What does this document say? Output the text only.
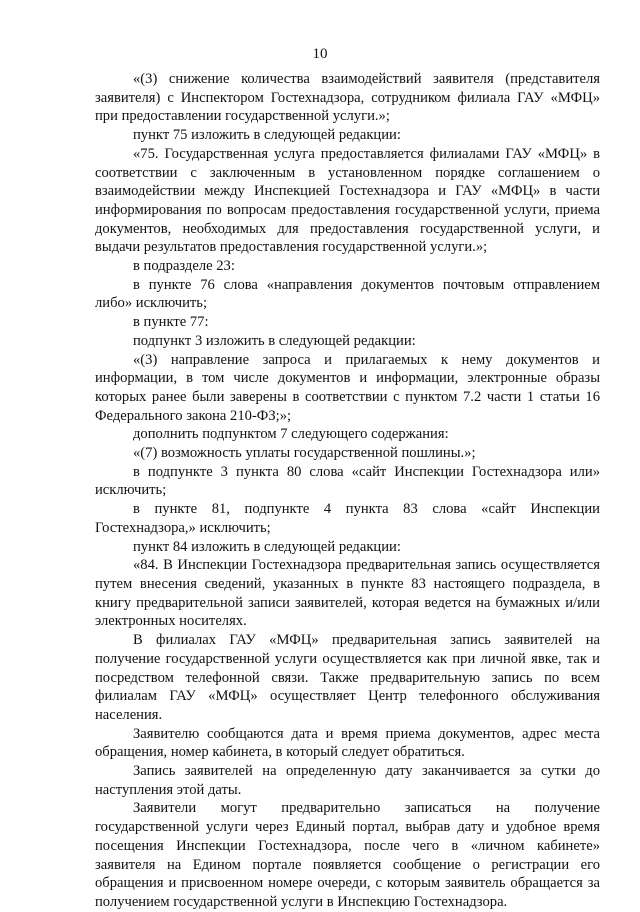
10

«(3) снижение количества взаимодействий заявителя (представителя заявителя) с Инспектором Гостехнадзора, сотрудником филиала ГАУ «МФЦ» при предоставлении государственной услуги.»;

пункт 75 изложить в следующей редакции:

«75. Государственная услуга предоставляется филиалами ГАУ «МФЦ» в соответствии с заключенным в установленном порядке соглашением о взаимодействии между Инспекцией Гостехнадзора и ГАУ «МФЦ» в части информирования по вопросам предоставления государственной услуги, приема документов, необходимых для предоставления государственной услуги, и выдачи результатов предоставления государственной услуги.»;

в подразделе 23:

в пункте 76 слова «направления документов почтовым отправлением либо» исключить;

в пункте 77:

подпункт 3 изложить в следующей редакции:

«(3) направление запроса и прилагаемых к нему документов и информации, в том числе документов и информации, электронные образы которых ранее были заверены в соответствии с пунктом 7.2 части 1 статьи 16 Федерального закона 210-ФЗ;»;

дополнить подпунктом 7 следующего содержания:

«(7) возможность уплаты государственной пошлины.»;

в подпункте 3 пункта 80 слова «сайт Инспекции Гостехнадзора или» исключить;

в пункте 81, подпункте 4 пункта 83 слова «сайт Инспекции Гостехнадзора,» исключить;

пункт 84 изложить в следующей редакции:

«84. В Инспекции Гостехнадзора предварительная запись осуществляется путем внесения сведений, указанных в пункте 83 настоящего подраздела, в книгу предварительной записи заявителей, которая ведется на бумажных и/или электронных носителях.

В филиалах ГАУ «МФЦ» предварительная запись заявителей на получение государственной услуги осуществляется как при личной явке, так и посредством телефонной связи. Также предварительную запись по всем филиалам ГАУ «МФЦ» осуществляет Центр телефонного обслуживания населения.

Заявителю сообщаются дата и время приема документов, адрес места обращения, номер кабинета, в который следует обратиться.

Запись заявителей на определенную дату заканчивается за сутки до наступления этой даты.

Заявители могут предварительно записаться на получение государственной услуги через Единый портал, выбрав дату и удобное время посещения Инспекции Гостехнадзора, после чего в «личном кабинете» заявителя на Едином портале появляется сообщение о регистрации его обращения и присвоенном номере очереди, с которым заявитель обращается за получением государственной услуги в Инспекцию Гостехнадзора.
